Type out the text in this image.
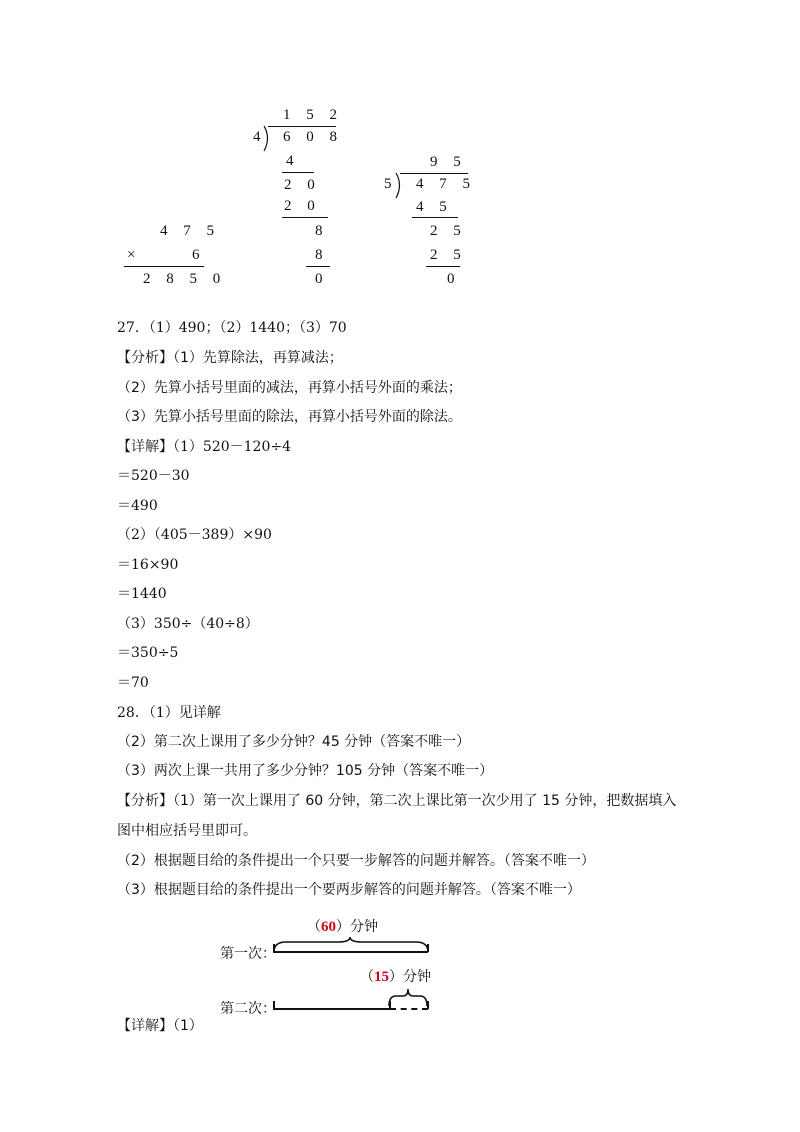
1 5 2
4 6 0 8
4
2 0
2 0
8
8
0
9 5
5 4 7 5
4 5
2 5
2 5
0
4 7 5
×	6
2 8 5 0
27．（1）490；（2）1440；（3）70
【分析】（1）先算除法，再算减法；
（2）先算小括号里面的减法，再算小括号外面的乘法；
（3）先算小括号里面的除法，再算小括号外面的除法。
【详解】（1）520－120÷4
＝520－30
＝490
（2）（405－389）×90
＝16×90
＝1440
（3）350÷（40÷8）
＝350÷5
＝70
28．（1）见详解
（2）第二次上课用了多少分钟？45 分钟（答案不唯一）
（3）两次上课一共用了多少分钟？105 分钟（答案不唯一）
【分析】（1）第一次上课用了 60 分钟，第二次上课比第一次少用了 15 分钟，把数据填入
图中相应括号里即可。
（2）根据题目给的条件提出一个只要一步解答的问题并解答。（答案不唯一）
（3）根据题目给的条件提出一个要两步解答的问题并解答。（答案不唯一）
（60）分钟
第一次：
（15）分钟
第二次：
【详解】（1）
